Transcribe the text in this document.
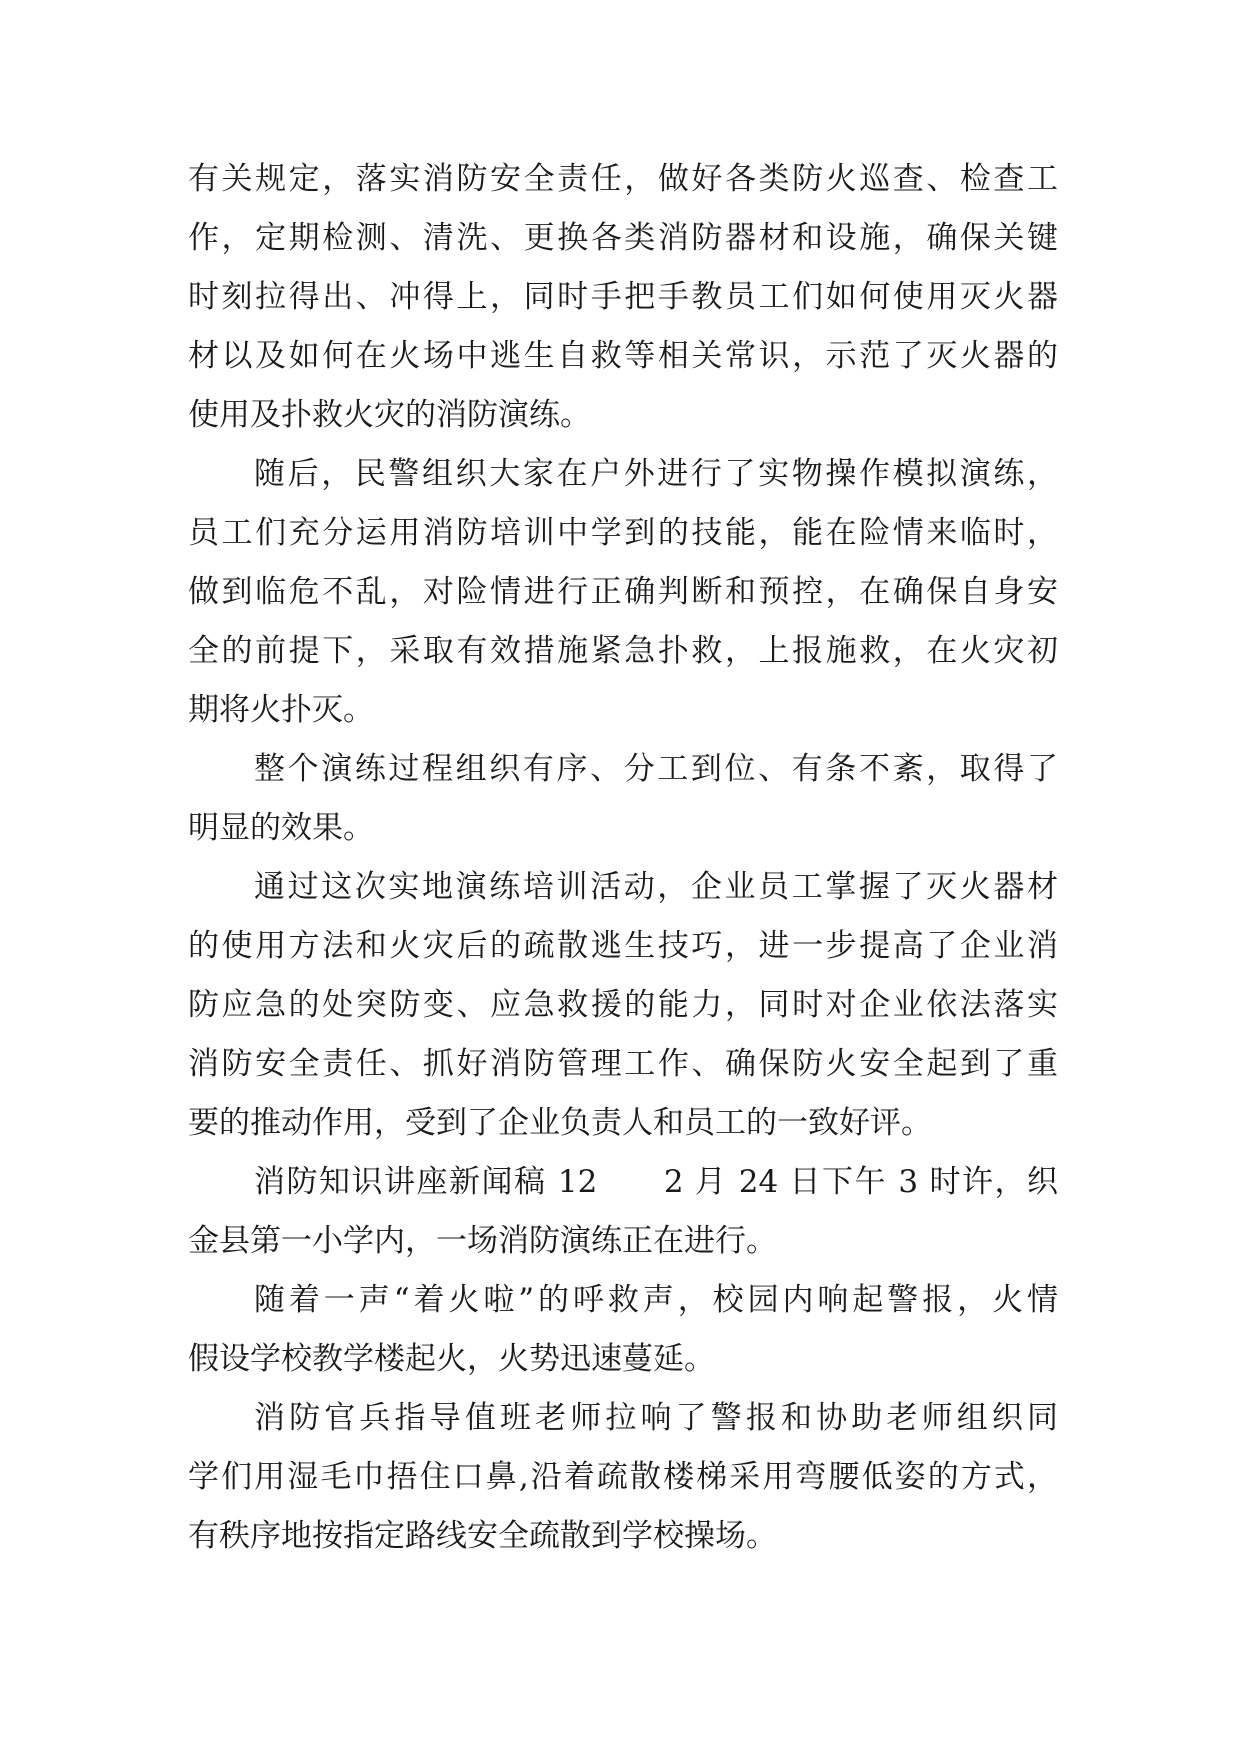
有关规定，落实消防安全责任，做好各类防火巡查、检查工
作，定期检测、清洗、更换各类消防器材和设施，确保关键
时刻拉得出、冲得上，同时手把手教员工们如何使用灭火器
材以及如何在火场中逃生自救等相关常识，示范了灭火器的
使用及扑救火灾的消防演练。
随后，民警组织大家在户外进行了实物操作模拟演练，
员工们充分运用消防培训中学到的技能，能在险情来临时，
做到临危不乱，对险情进行正确判断和预控，在确保自身安
全的前提下，采取有效措施紧急扑救，上报施救，在火灾初
期将火扑灭。
整个演练过程组织有序、分工到位、有条不紊，取得了
明显的效果。
通过这次实地演练培训活动，企业员工掌握了灭火器材
的使用方法和火灾后的疏散逃生技巧，进一步提高了企业消
防应急的处突防变、应急救援的能力，同时对企业依法落实
消防安全责任、抓好消防管理工作、确保防火安全起到了重
要的推动作用，受到了企业负责人和员工的一致好评。
消防知识讲座新闻稿 12　　2 月 24 日下午 3 时许，织
金县第一小学内，一场消防演练正在进行。
随着一声“着火啦”的呼救声，校园内响起警报，火情
假设学校教学楼起火，火势迅速蔓延。
消防官兵指导值班老师拉响了警报和协助老师组织同
学们用湿毛巾捂住口鼻,沿着疏散楼梯采用弯腰低姿的方式，
有秩序地按指定路线安全疏散到学校操场。
